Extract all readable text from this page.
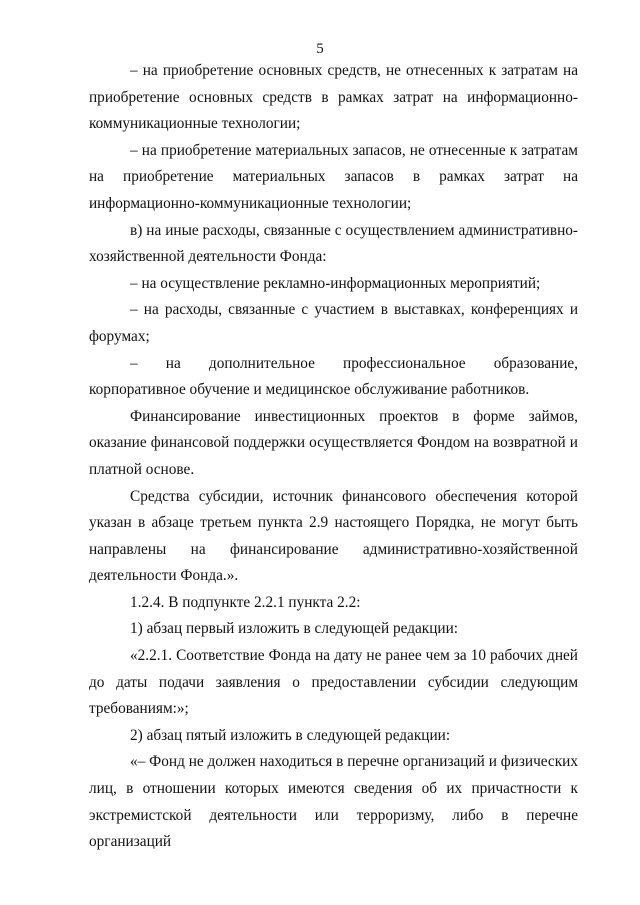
5

– на приобретение основных средств, не отнесенных к затратам на приобретение основных средств в рамках затрат на информационно-коммуникационные технологии;

– на приобретение материальных запасов, не отнесенные к затратам на приобретение материальных запасов в рамках затрат на информационно-коммуникационные технологии;

в) на иные расходы, связанные с осуществлением административно-хозяйственной деятельности Фонда:

– на осуществление рекламно-информационных мероприятий;

– на расходы, связанные с участием в выставках, конференциях и форумах;

– на дополнительное профессиональное образование, корпоративное обучение и медицинское обслуживание работников.

Финансирование инвестиционных проектов в форме займов, оказание финансовой поддержки осуществляется Фондом на возвратной и платной основе.

Средства субсидии, источник финансового обеспечения которой указан в абзаце третьем пункта 2.9 настоящего Порядка, не могут быть направлены на финансирование административно-хозяйственной деятельности Фонда.».

1.2.4. В подпункте 2.2.1 пункта 2.2:

1) абзац первый изложить в следующей редакции:

«2.2.1. Соответствие Фонда на дату не ранее чем за 10 рабочих дней до даты подачи заявления о предоставлении субсидии следующим требованиям:»;

2) абзац пятый изложить в следующей редакции:

«– Фонд не должен находиться в перечне организаций и физических лиц, в отношении которых имеются сведения об их причастности к экстремистской деятельности или терроризму, либо в перечне организаций
